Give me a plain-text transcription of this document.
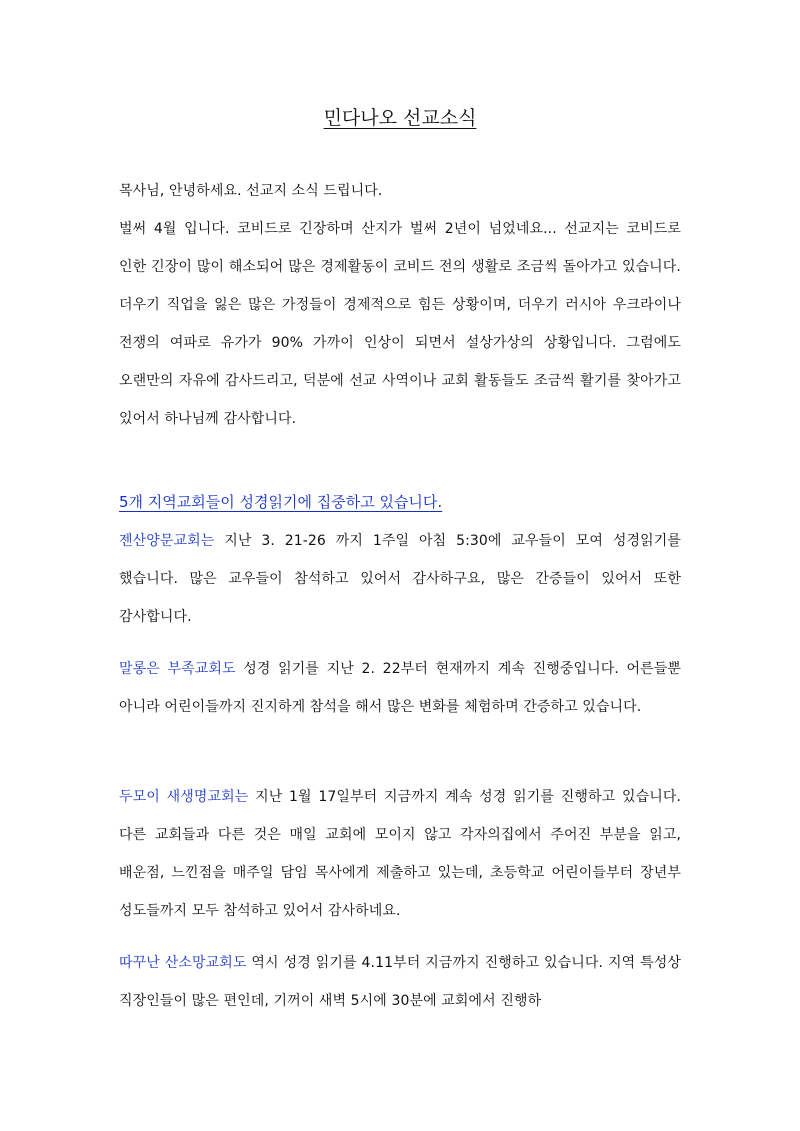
민다나오 선교소식

목사님, 안녕하세요. 선교지 소식 드립니다.

벌써 4월 입니다. 코비드로 긴장하며 산지가 벌써 2년이 넘었네요... 선교지는 코비드로 인한 긴장이 많이 해소되어 많은 경제활동이 코비드 전의 생활로 조금씩 돌아가고 있습니다. 더우기 직업을 잃은 많은 가정들이 경제적으로 힘든 상황이며, 더우기 러시아 우크라이나 전쟁의 여파로 유가가 90% 가까이 인상이 되면서 설상가상의 상황입니다. 그럼에도 오랜만의 자유에 감사드리고, 덕분에 선교 사역이나 교회 활동들도 조금씩 활기를 찾아가고 있어서 하나님께 감사합니다.

5개 지역교회들이 성경읽기에 집중하고 있습니다.

젠산양문교회는 지난 3. 21-26 까지 1주일 아침 5:30에 교우들이 모여 성경읽기를 했습니다. 많은 교우들이 참석하고 있어서 감사하구요, 많은 간증들이 있어서 또한 감사합니다.

말롱은 부족교회도 성경 읽기를 지난 2. 22부터 현재까지 계속 진행중입니다. 어른들뿐 아니라 어린이들까지 진지하게 참석을 해서 많은 변화를 체험하며 간증하고 있습니다.

두모이 새생명교회는 지난 1월 17일부터 지금까지 계속 성경 읽기를 진행하고 있습니다. 다른 교회들과 다른 것은 매일 교회에 모이지 않고 각자의집에서 주어진 부분을 읽고, 배운점, 느낀점을 매주일 담임 목사에게 제출하고 있는데, 초등학교 어린이들부터 장년부 성도들까지 모두 참석하고 있어서 감사하네요.

따꾸난 산소망교회도 역시 성경 읽기를 4.11부터 지금까지 진행하고 있습니다. 지역 특성상 직장인들이 많은 편인데, 기꺼이 새벽 5시에 30분에 교회에서 진행하
